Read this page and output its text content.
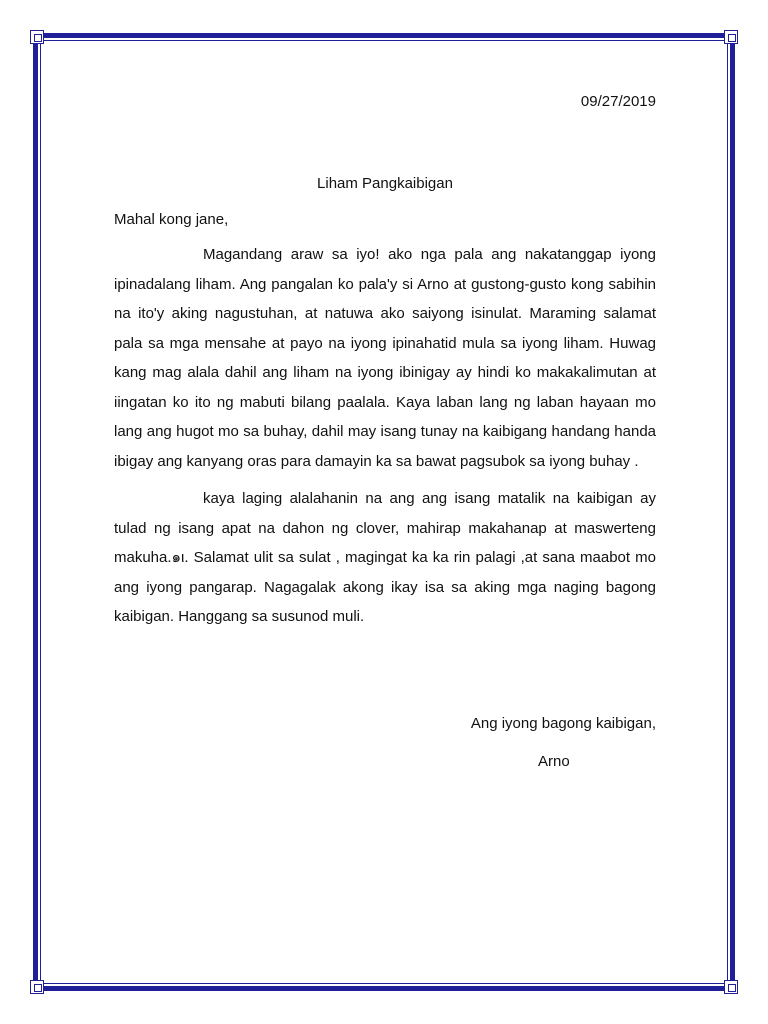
09/27/2019

Liham Pangkaibigan

Mahal kong jane,

Magandang araw sa iyo! ako nga pala ang nakatanggap iyong ipinadalang liham. Ang pangalan ko pala'y si Arno at gustong-gusto kong sabihin na ito'y aking nagustuhan, at natuwa ako saiyong isinulat. Maraming salamat pala sa mga mensahe at payo na iyong ipinahatid mula sa iyong liham. Huwag kang mag alala dahil ang liham na iyong ibinigay ay hindi ko makakalimutan at iingatan ko ito ng mabuti bilang paalala. Kaya laban lang ng laban hayaan mo lang ang hugot mo sa buhay, dahil may isang tunay na kaibigang handang handa ibigay ang kanyang oras para damayin ka sa bawat pagsubok sa iyong buhay .

kaya laging alalahanin na ang ang isang matalik na kaibigan ay tulad ng isang apat na dahon ng clover, mahirap makahanap at maswerteng makuha.๑ι. Salamat ulit sa sulat , magingat ka ka rin palagi ,at sana maabot mo ang iyong pangarap. Nagagalak akong ikay isa sa aking mga naging bagong kaibigan. Hanggang sa susunod muli.

Ang iyong bagong kaibigan,

Arno
